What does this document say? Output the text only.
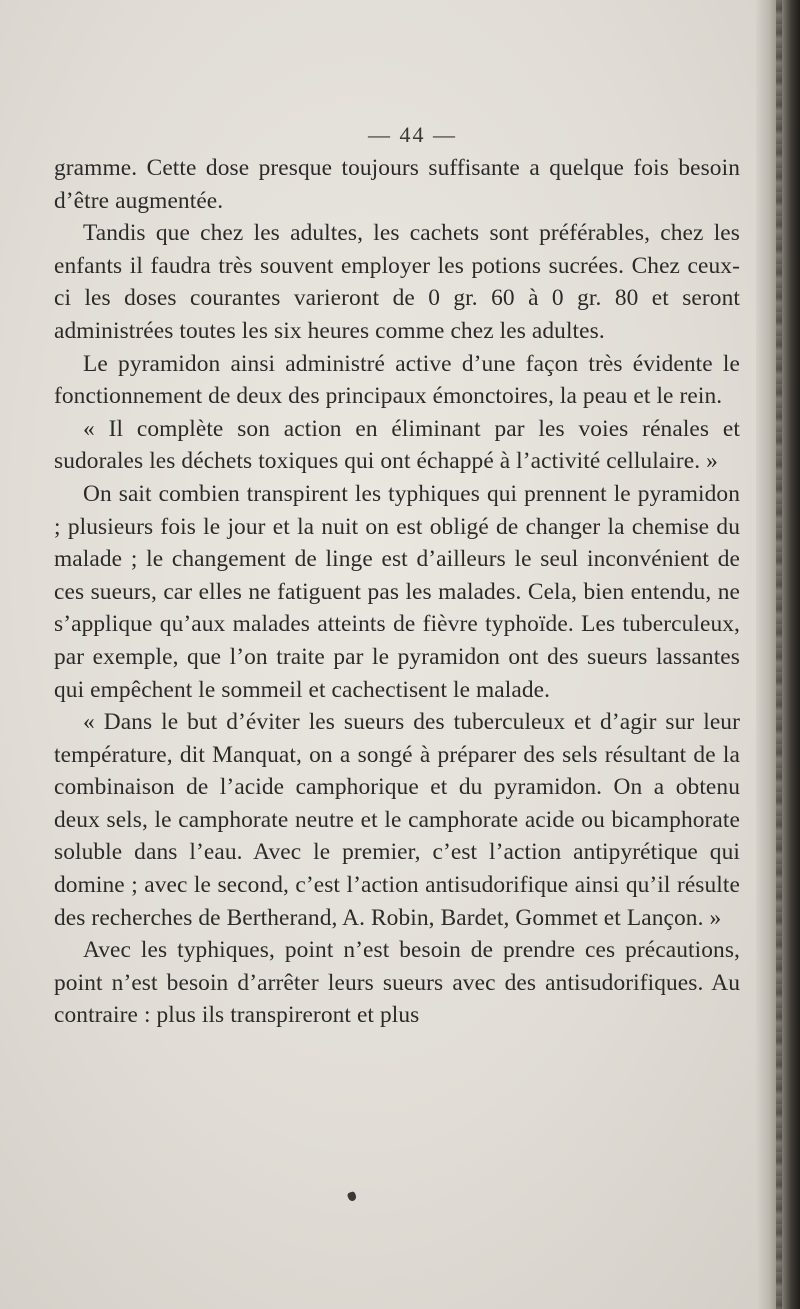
— 44 —

gramme. Cette dose presque toujours suffisante a quelque fois besoin d’être augmentée.

Tandis que chez les adultes, les cachets sont préférables, chez les enfants il faudra très souvent employer les potions sucrées. Chez ceux-ci les doses courantes varieront de 0 gr. 60 à 0 gr. 80 et seront administrées toutes les six heures comme chez les adultes.

Le pyramidon ainsi administré active d’une façon très évidente le fonctionnement de deux des principaux émonctoires, la peau et le rein.

« Il complète son action en éliminant par les voies rénales et sudorales les déchets toxiques qui ont échappé à l’activité cellulaire. »

On sait combien transpirent les typhiques qui prennent le pyramidon ; plusieurs fois le jour et la nuit on est obligé de changer la chemise du malade ; le changement de linge est d’ailleurs le seul inconvénient de ces sueurs, car elles ne fatiguent pas les malades. Cela, bien entendu, ne s’applique qu’aux malades atteints de fièvre typhoïde. Les tuberculeux, par exemple, que l’on traite par le pyramidon ont des sueurs lassantes qui empêchent le sommeil et cachectisent le malade.

« Dans le but d’éviter les sueurs des tuberculeux et d’agir sur leur température, dit Manquat, on a songé à préparer des sels résultant de la combinaison de l’acide camphorique et du pyramidon. On a obtenu deux sels, le camphorate neutre et le camphorate acide ou bicamphorate soluble dans l’eau. Avec le premier, c’est l’action antipyrétique qui domine ; avec le second, c’est l’action antisudorifique ainsi qu’il résulte des recherches de Bertherand, A. Robin, Bardet, Gommet et Lançon. »

Avec les typhiques, point n’est besoin de prendre ces précautions, point n’est besoin d’arrêter leurs sueurs avec des antisudorifiques. Au contraire : plus ils transpireront et plus
